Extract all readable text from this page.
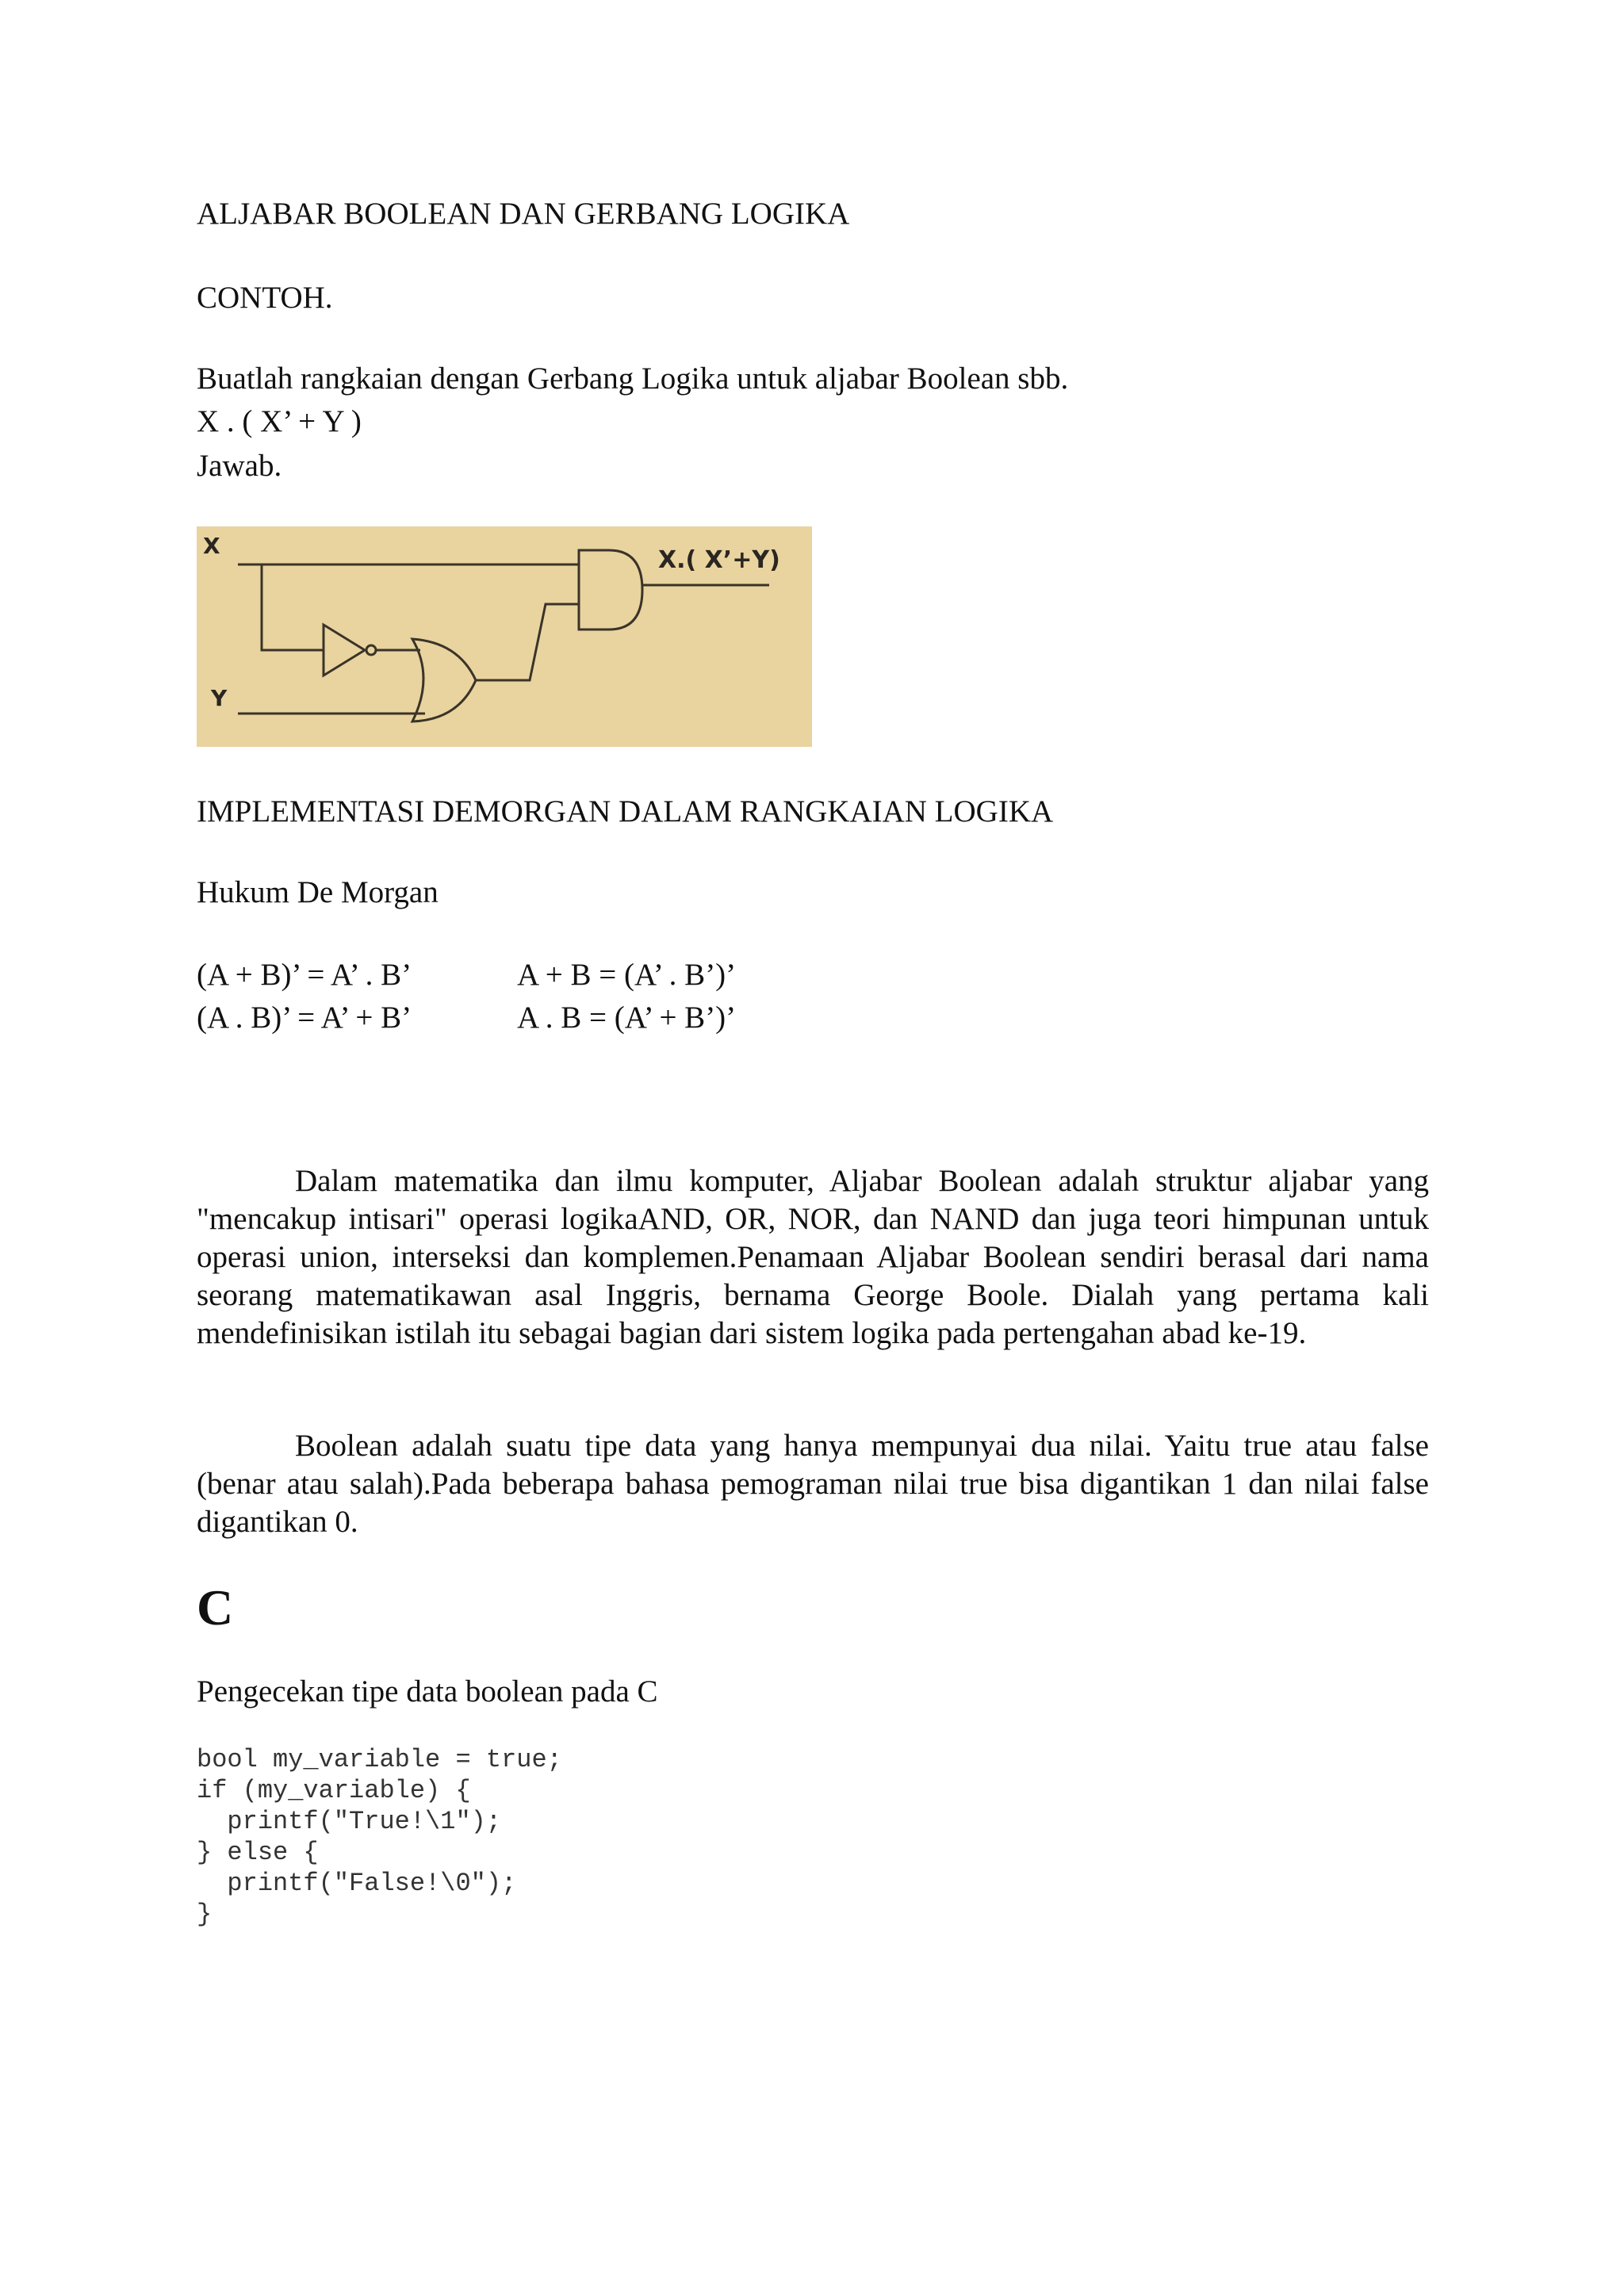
ALJABAR BOOLEAN DAN GERBANG LOGIKA
CONTOH.
Buatlah rangkaian dengan Gerbang Logika untuk aljabar Boolean sbb.
X . ( X’ + Y )
Jawab.
X
Y
X.( X’+Y)
IMPLEMENTASI DEMORGAN DALAM RANGKAIAN LOGIKA
Hukum De Morgan
(A + B)’ = A’ . B’	A + B = (A’ . B’)’
(A . B)’ = A’ + B’	A . B = (A’ + B’)’
Dalam matematika dan ilmu komputer, Aljabar Boolean adalah struktur aljabar yang "mencakup intisari" operasi logikaAND, OR, NOR, dan NAND dan juga teori himpunan untuk operasi union, interseksi dan komplemen.Penamaan Aljabar Boolean sendiri berasal dari nama seorang matematikawan asal Inggris, bernama George Boole. Dialah yang pertama kali mendefinisikan istilah itu sebagai bagian dari sistem logika pada pertengahan abad ke-19.
Boolean adalah suatu tipe data yang hanya mempunyai dua nilai. Yaitu true atau false (benar atau salah).Pada beberapa bahasa pemograman nilai true bisa digantikan 1 dan nilai false digantikan 0.
C
Pengecekan tipe data boolean pada C
bool my_variable = true;
if (my_variable) {
printf("True!\1");
} else {
printf("False!\0");
}
